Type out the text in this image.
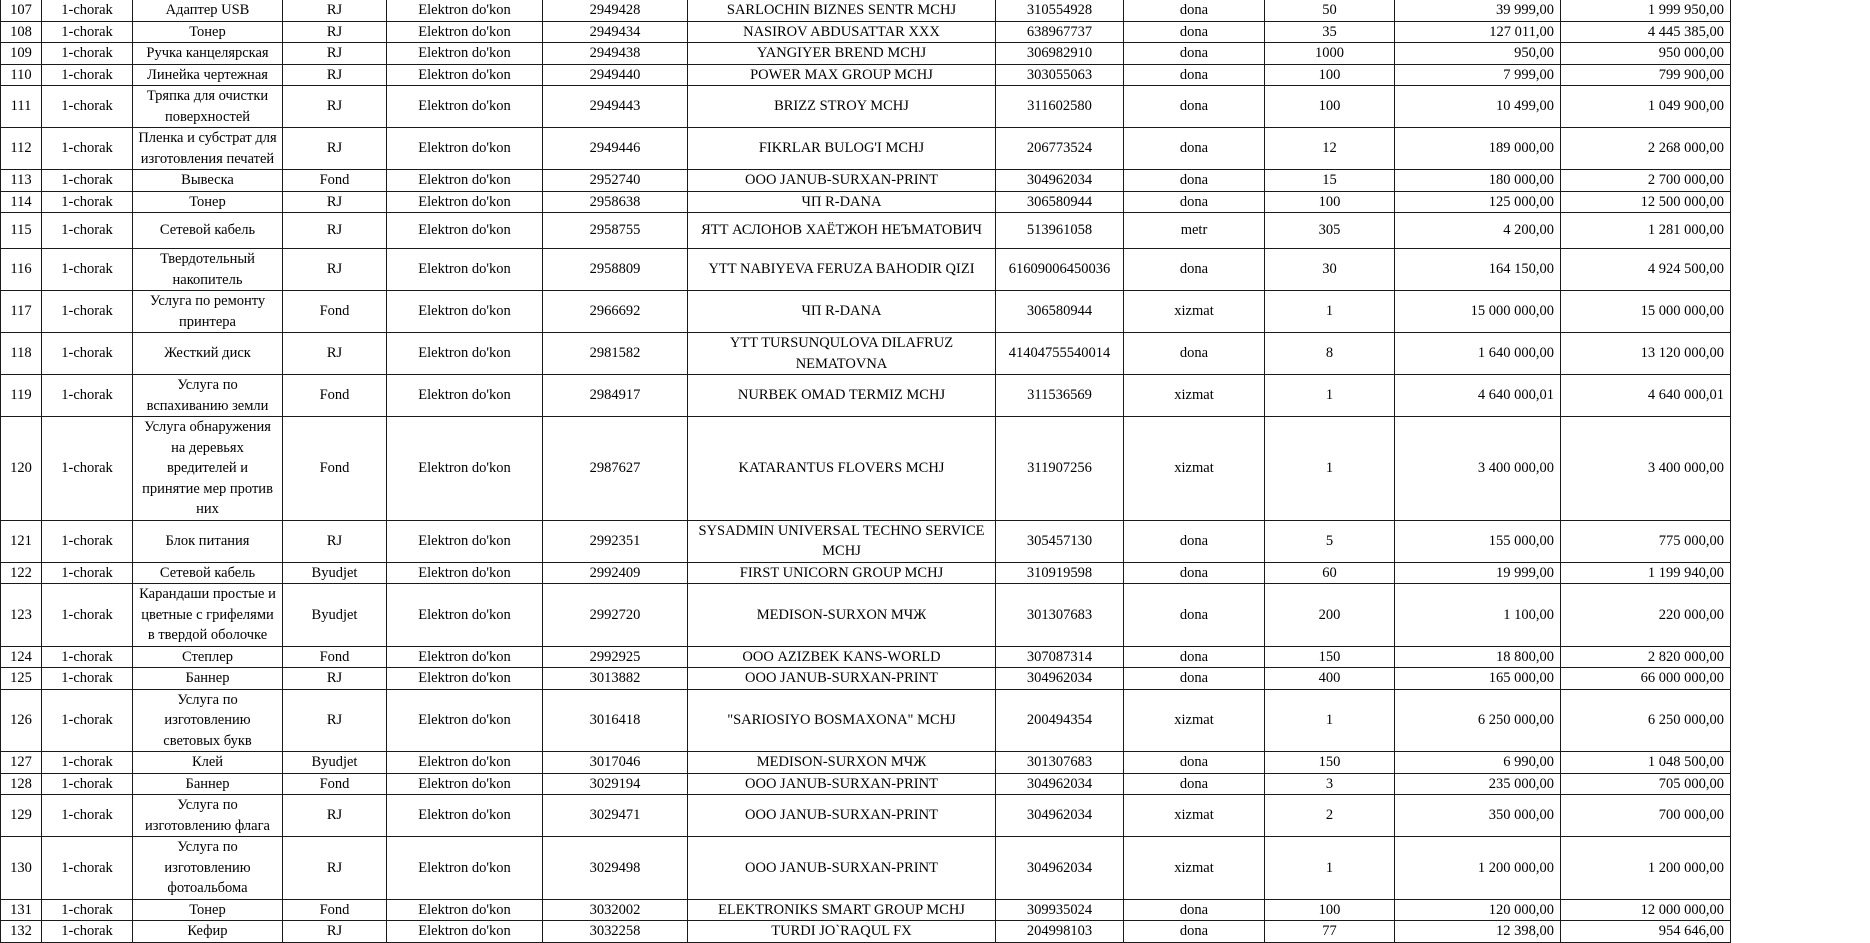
107	1-chorak	Адаптер USB	RJ	Elektron do'kon	2949428	SARLOCHIN BIZNES SENTR MCHJ	310554928	dona	50	39 999,00	1 999 950,00
108	1-chorak	Тонер	RJ	Elektron do'kon	2949434	NASIROV ABDUSATTAR XXX	638967737	dona	35	127 011,00	4 445 385,00
109	1-chorak	Ручка канцелярская	RJ	Elektron do'kon	2949438	YANGIYER BREND MCHJ	306982910	dona	1000	950,00	950 000,00
110	1-chorak	Линейка чертежная	RJ	Elektron do'kon	2949440	POWER MAX GROUP MCHJ	303055063	dona	100	7 999,00	799 900,00
111	1-chorak	Тряпка для очистки поверхностей	RJ	Elektron do'kon	2949443	BRIZZ STROY MCHJ	311602580	dona	100	10 499,00	1 049 900,00
112	1-chorak	Пленка и субстрат для изготовления печатей	RJ	Elektron do'kon	2949446	FIKRLAR BULOG'I MCHJ	206773524	dona	12	189 000,00	2 268 000,00
113	1-chorak	Вывеска	Fond	Elektron do'kon	2952740	ООО JANUB-SURXAN-PRINT	304962034	dona	15	180 000,00	2 700 000,00
114	1-chorak	Тонер	RJ	Elektron do'kon	2958638	ЧП R-DANA	306580944	dona	100	125 000,00	12 500 000,00
115	1-chorak	Сетевой кабель	RJ	Elektron do'kon	2958755	ЯТТ АСЛОНОВ ХАЁТЖОН НЕЪМАТОВИЧ	513961058	metr	305	4 200,00	1 281 000,00
116	1-chorak	Твердотельный накопитель	RJ	Elektron do'kon	2958809	YTT NABIYEVA FERUZA BAHODIR QIZI	61609006450036	dona	30	164 150,00	4 924 500,00
117	1-chorak	Услуга по ремонту принтера	Fond	Elektron do'kon	2966692	ЧП R-DANA	306580944	xizmat	1	15 000 000,00	15 000 000,00
118	1-chorak	Жесткий диск	RJ	Elektron do'kon	2981582	YTT TURSUNQULOVA DILAFRUZ NEMATOVNA	41404755540014	dona	8	1 640 000,00	13 120 000,00
119	1-chorak	Услуга по вспахиванию земли	Fond	Elektron do'kon	2984917	NURBEK OMAD TERMIZ MCHJ	311536569	xizmat	1	4 640 000,01	4 640 000,01
120	1-chorak	Услуга обнаружения на деревьях вредителей и принятие мер против них	Fond	Elektron do'kon	2987627	KATARANTUS FLOVERS MCHJ	311907256	xizmat	1	3 400 000,00	3 400 000,00
121	1-chorak	Блок питания	RJ	Elektron do'kon	2992351	SYSADMIN UNIVERSAL TECHNO SERVICE MCHJ	305457130	dona	5	155 000,00	775 000,00
122	1-chorak	Сетевой кабель	Byudjet	Elektron do'kon	2992409	FIRST UNICORN GROUP MCHJ	310919598	dona	60	19 999,00	1 199 940,00
123	1-chorak	Карандаши простые и цветные с грифелями в твердой оболочке	Byudjet	Elektron do'kon	2992720	MEDISON-SURXON МЧЖ	301307683	dona	200	1 100,00	220 000,00
124	1-chorak	Степлер	Fond	Elektron do'kon	2992925	ООО AZIZBEK KANS-WORLD	307087314	dona	150	18 800,00	2 820 000,00
125	1-chorak	Баннер	RJ	Elektron do'kon	3013882	ООО JANUB-SURXAN-PRINT	304962034	dona	400	165 000,00	66 000 000,00
126	1-chorak	Услуга по изготовлению световых букв	RJ	Elektron do'kon	3016418	"SARIOSIYO BOSMAXONA" MCHJ	200494354	xizmat	1	6 250 000,00	6 250 000,00
127	1-chorak	Клей	Byudjet	Elektron do'kon	3017046	MEDISON-SURXON МЧЖ	301307683	dona	150	6 990,00	1 048 500,00
128	1-chorak	Баннер	Fond	Elektron do'kon	3029194	ООО JANUB-SURXAN-PRINT	304962034	dona	3	235 000,00	705 000,00
129	1-chorak	Услуга по изготовлению флага	RJ	Elektron do'kon	3029471	ООО JANUB-SURXAN-PRINT	304962034	xizmat	2	350 000,00	700 000,00
130	1-chorak	Услуга по изготовлению фотоальбома	RJ	Elektron do'kon	3029498	ООО JANUB-SURXAN-PRINT	304962034	xizmat	1	1 200 000,00	1 200 000,00
131	1-chorak	Тонер	Fond	Elektron do'kon	3032002	ELEKTRONIKS SMART GROUP MCHJ	309935024	dona	100	120 000,00	12 000 000,00
132	1-chorak	Кефир	RJ	Elektron do'kon	3032258	TURDI JO`RAQUL FX	204998103	dona	77	12 398,00	954 646,00
